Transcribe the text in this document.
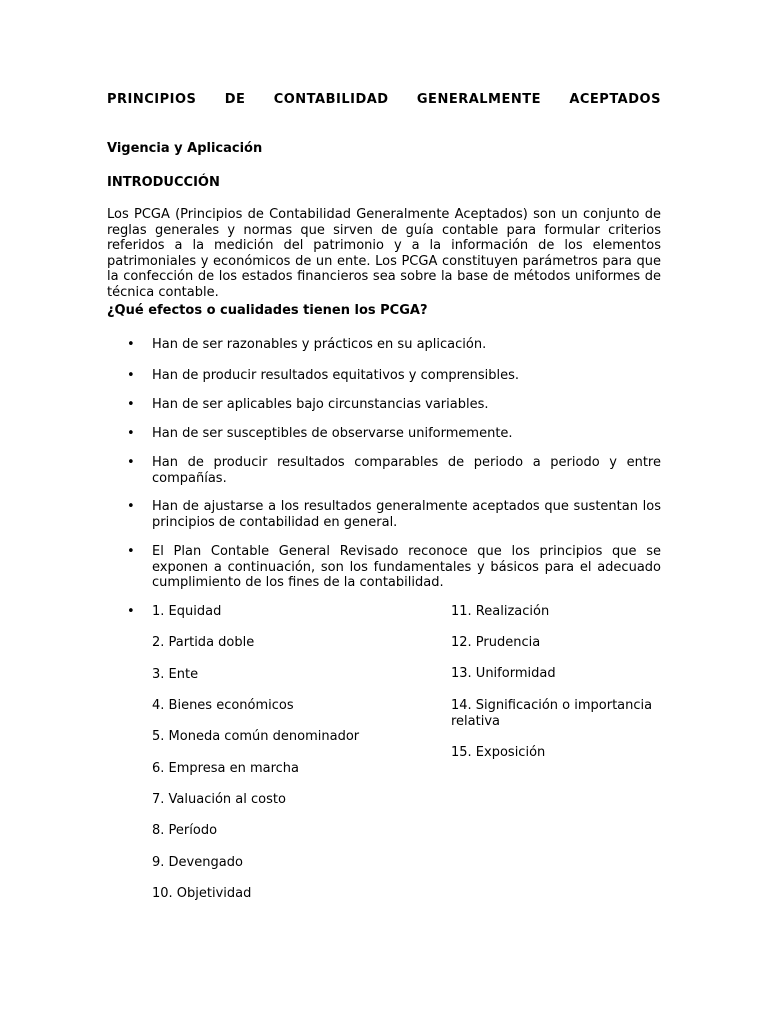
PRINCIPIOS DE CONTABILIDAD GENERALMENTE ACEPTADOS
Vigencia y Aplicación
INTRODUCCIÓN
Los PCGA (Principios de Contabilidad Generalmente Aceptados) son un conjunto de reglas generales y normas que sirven de guía contable para formular criterios referidos a la medición del patrimonio y a la información de los elementos patrimoniales y económicos de un ente. Los PCGA constituyen parámetros para que la confección de los estados financieros sea sobre la base de métodos uniformes de técnica contable.
¿Qué efectos o cualidades tienen los PCGA?
• Han de ser razonables y prácticos en su aplicación.
• Han de producir resultados equitativos y comprensibles.
• Han de ser aplicables bajo circunstancias variables.
• Han de ser susceptibles de observarse uniformemente.
• Han de producir resultados comparables de periodo a periodo y entre compañías.
• Han de ajustarse a los resultados generalmente aceptados que sustentan los principios de contabilidad en general.
• El Plan Contable General Revisado reconoce que los principios que se exponen a continuación, son los fundamentales y básicos para el adecuado cumplimiento de los fines de la contabilidad.
• 1. Equidad
2. Partida doble
3. Ente
4. Bienes económicos
5. Moneda común denominador
6. Empresa en marcha
7. Valuación al costo
8. Período
9. Devengado
10. Objetividad
11. Realización
12. Prudencia
13. Uniformidad
14. Significación o importancia relativa
15. Exposición
